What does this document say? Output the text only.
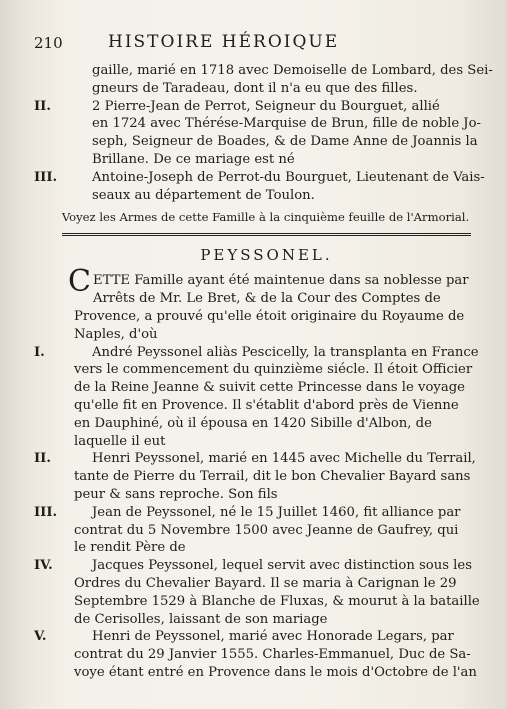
210	HISTOIRE HÉROIQUE
gaille, marié en 1718 avec Demoiselle de Lombard, des Sei-
gneurs de Taradeau, dont il n'a eu que des filles.
II.	2 Pierre-Jean de Perrot, Seigneur du Bourguet, allié
en 1724 avec Thérése-Marquise de Brun, fille de noble Jo-
seph, Seigneur de Boades, & de Dame Anne de Joannis la
Brillane. De ce mariage est né
III.	Antoine-Joseph de Perrot-du Bourguet, Lieutenant de Vais-
seaux au département de Toulon.
Voyez les Armes de cette Famille à la cinquième feuille de l'Armorial.
PEYSSONEL.
C ETTE Famille ayant été maintenue dans sa noblesse par
Arrêts de Mr. Le Bret, & de la Cour des Comptes de
Provence, a prouvé qu'elle étoit originaire du Royaume de
Naples, d'où
I.	André Peyssonel aliàs Pescicelly, la transplanta en France
vers le commencement du quinzième siécle. Il étoit Officier
de la Reine Jeanne & suivit cette Princesse dans le voyage
qu'elle fit en Provence. Il s'établit d'abord près de Vienne
en Dauphiné, où il épousa en 1420 Sibille d'Albon, de
laquelle il eut
II.	Henri Peyssonel, marié en 1445 avec Michelle du Terrail,
tante de Pierre du Terrail, dit le bon Chevalier Bayard sans
peur & sans reproche. Son fils
III.	Jean de Peyssonel, né le 15 Juillet 1460, fit alliance par
contrat du 5 Novembre 1500 avec Jeanne de Gaufrey, qui
le rendit Père de
IV.	Jacques Peyssonel, lequel servit avec distinction sous les
Ordres du Chevalier Bayard. Il se maria à Carignan le 29
Septembre 1529 à Blanche de Fluxas, & mourut à la bataille
de Cerisolles, laissant de son mariage
V.	Henri de Peyssonel, marié avec Honorade Legars, par
contrat du 29 Janvier 1555. Charles-Emmanuel, Duc de Sa-
voye étant entré en Provence dans le mois d'Octobre de l'an
